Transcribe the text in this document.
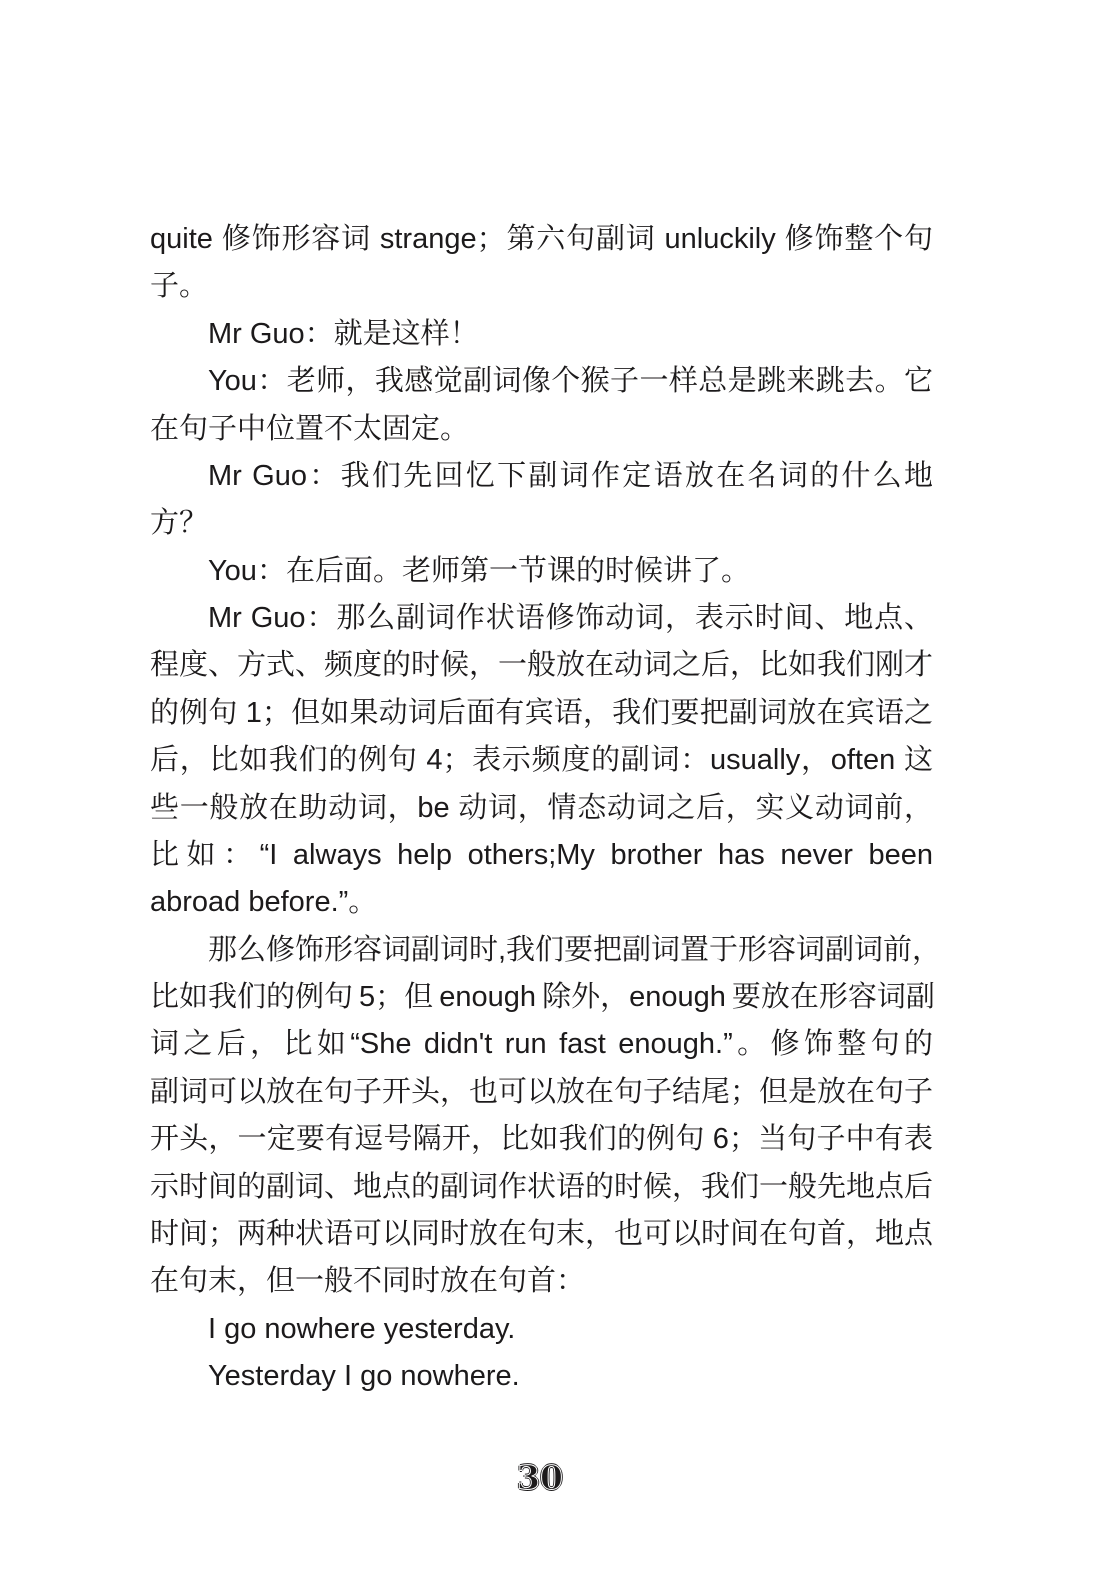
quite 修饰形容词 strange；第六句副词 unluckily 修饰整个句
子。
Mr Guo：就是这样！
You：老师，我感觉副词像个猴子一样总是跳来跳去。它
在句子中位置不太固定。
Mr Guo：我们先回忆下副词作定语放在名词的什么地
方？
You：在后面。老师第一节课的时候讲了。
Mr Guo：那么副词作状语修饰动词，表示时间、地点、
程度、方式、频度的时候，一般放在动词之后，比如我们刚才
的例句 1；但如果动词后面有宾语，我们要把副词放在宾语之
后，比如我们的例句 4；表示频度的副词：usually，often 这
些一般放在助动词，be 动词，情态动词之后，实义动词前，
比如：“I always help others;My brother has never been
abroad before.”。
那么修饰形容词副词时,我们要把副词置于形容词副词前，
比如我们的例句 5；但 enough 除外，enough 要放在形容词副
词之后，比如“She didn't run fast enough.”。修饰整句的
副词可以放在句子开头，也可以放在句子结尾；但是放在句子
开头，一定要有逗号隔开，比如我们的例句 6；当句子中有表
示时间的副词、地点的副词作状语的时候，我们一般先地点后
时间；两种状语可以同时放在句末，也可以时间在句首，地点
在句末，但一般不同时放在句首：
I go nowhere yesterday.
Yesterday I go nowhere.
30
